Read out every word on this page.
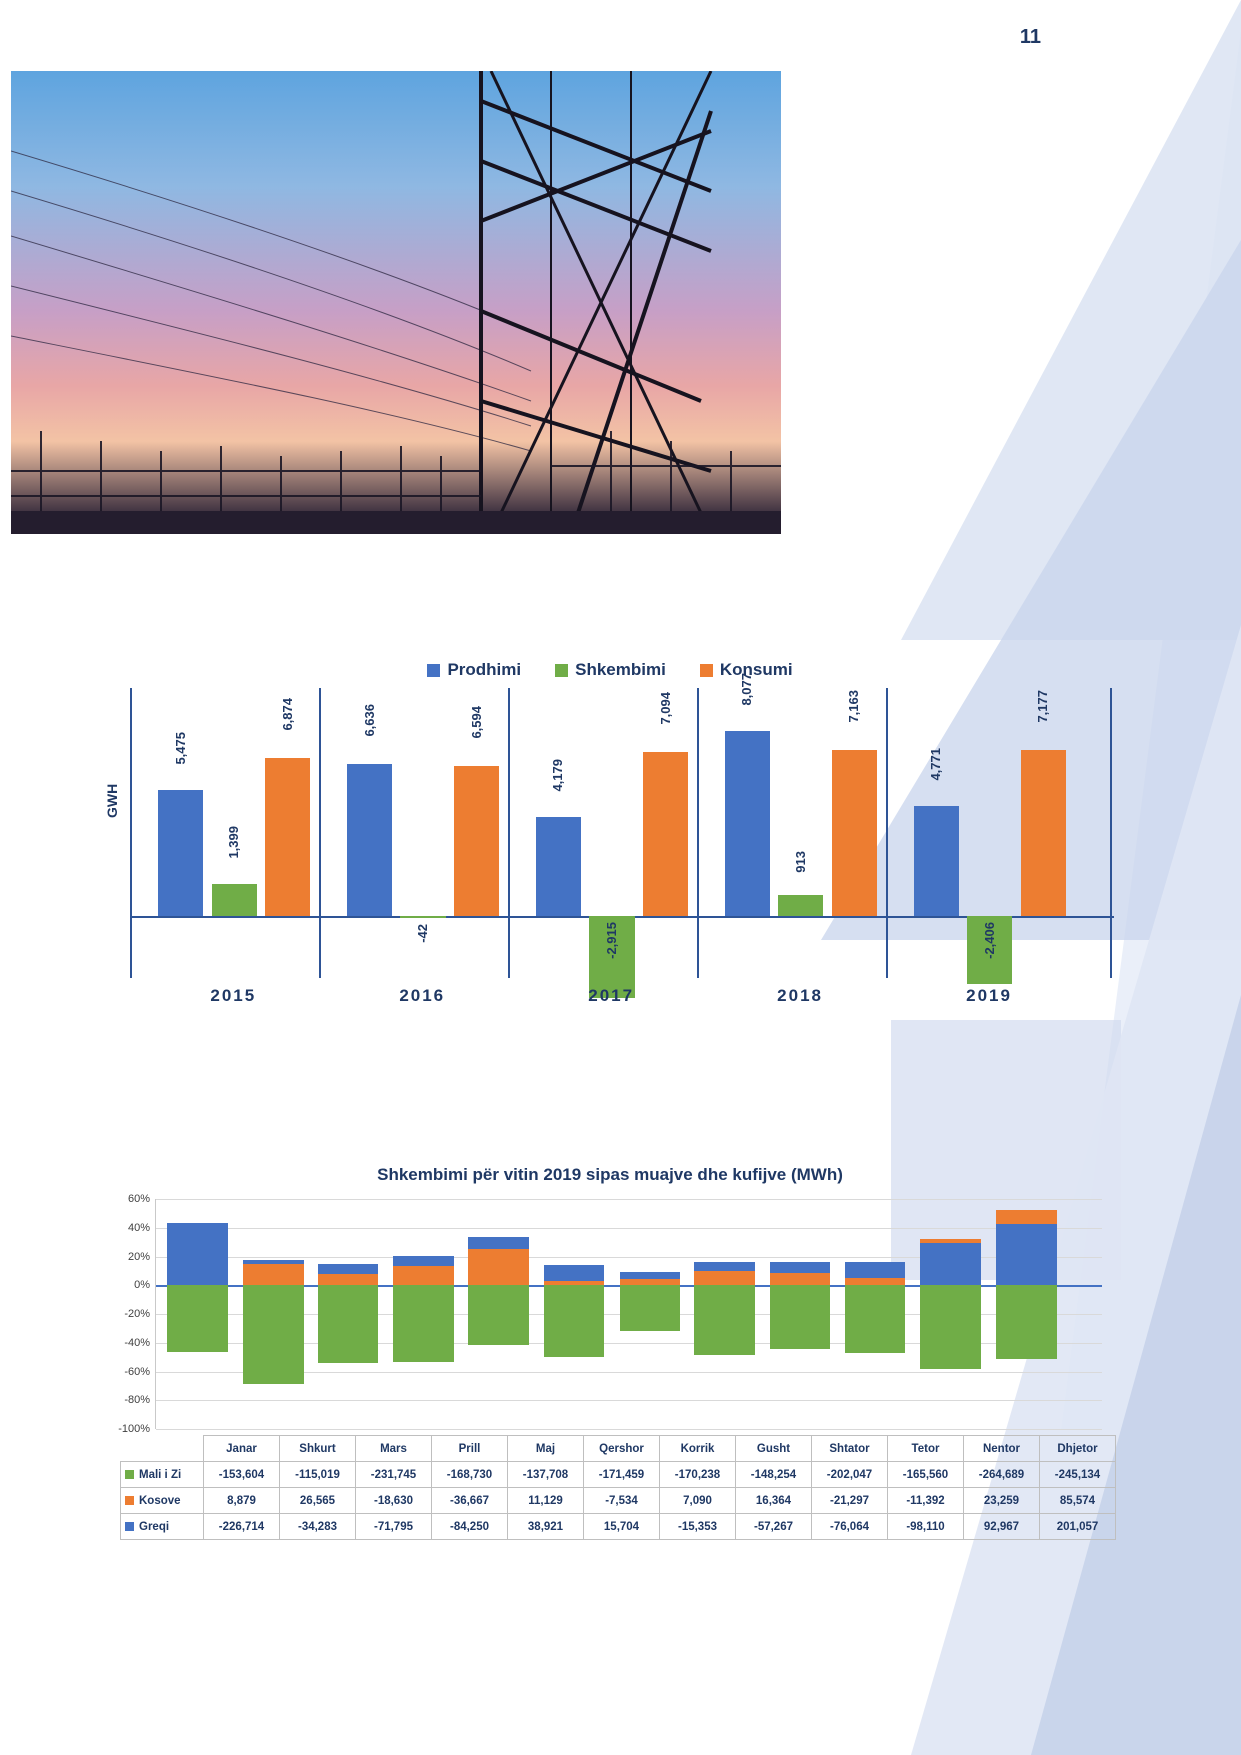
11
Prodhimi	Shkembimi	Konsumi
GWH
5,475
1,399
6,874	6,636
-42
6,594
4,179
-2,915
7,094
8,077
913
7,163
4,771
-2,406
7,177
2015	2016	2017	2018	2019
Shkembimi për vitin 2019 sipas muajve dhe kufijve (MWh)
60%
40%
20%
0%
-20%
-40%
-60%
-80%
-100%
	Janar	Shkurt	Mars	Prill	Maj	Qershor	Korrik	Gusht	Shtator	Tetor	Nentor	Dhjetor
Mali i Zi	-153,604	-115,019	-231,745	-168,730	-137,708	-171,459	-170,238	-148,254	-202,047	-165,560	-264,689	-245,134
Kosove	8,879	26,565	-18,630	-36,667	11,129	-7,534	7,090	16,364	-21,297	-11,392	23,259	85,574
Greqi	-226,714	-34,283	-71,795	-84,250	38,921	15,704	-15,353	-57,267	-76,064	-98,110	92,967	201,057
